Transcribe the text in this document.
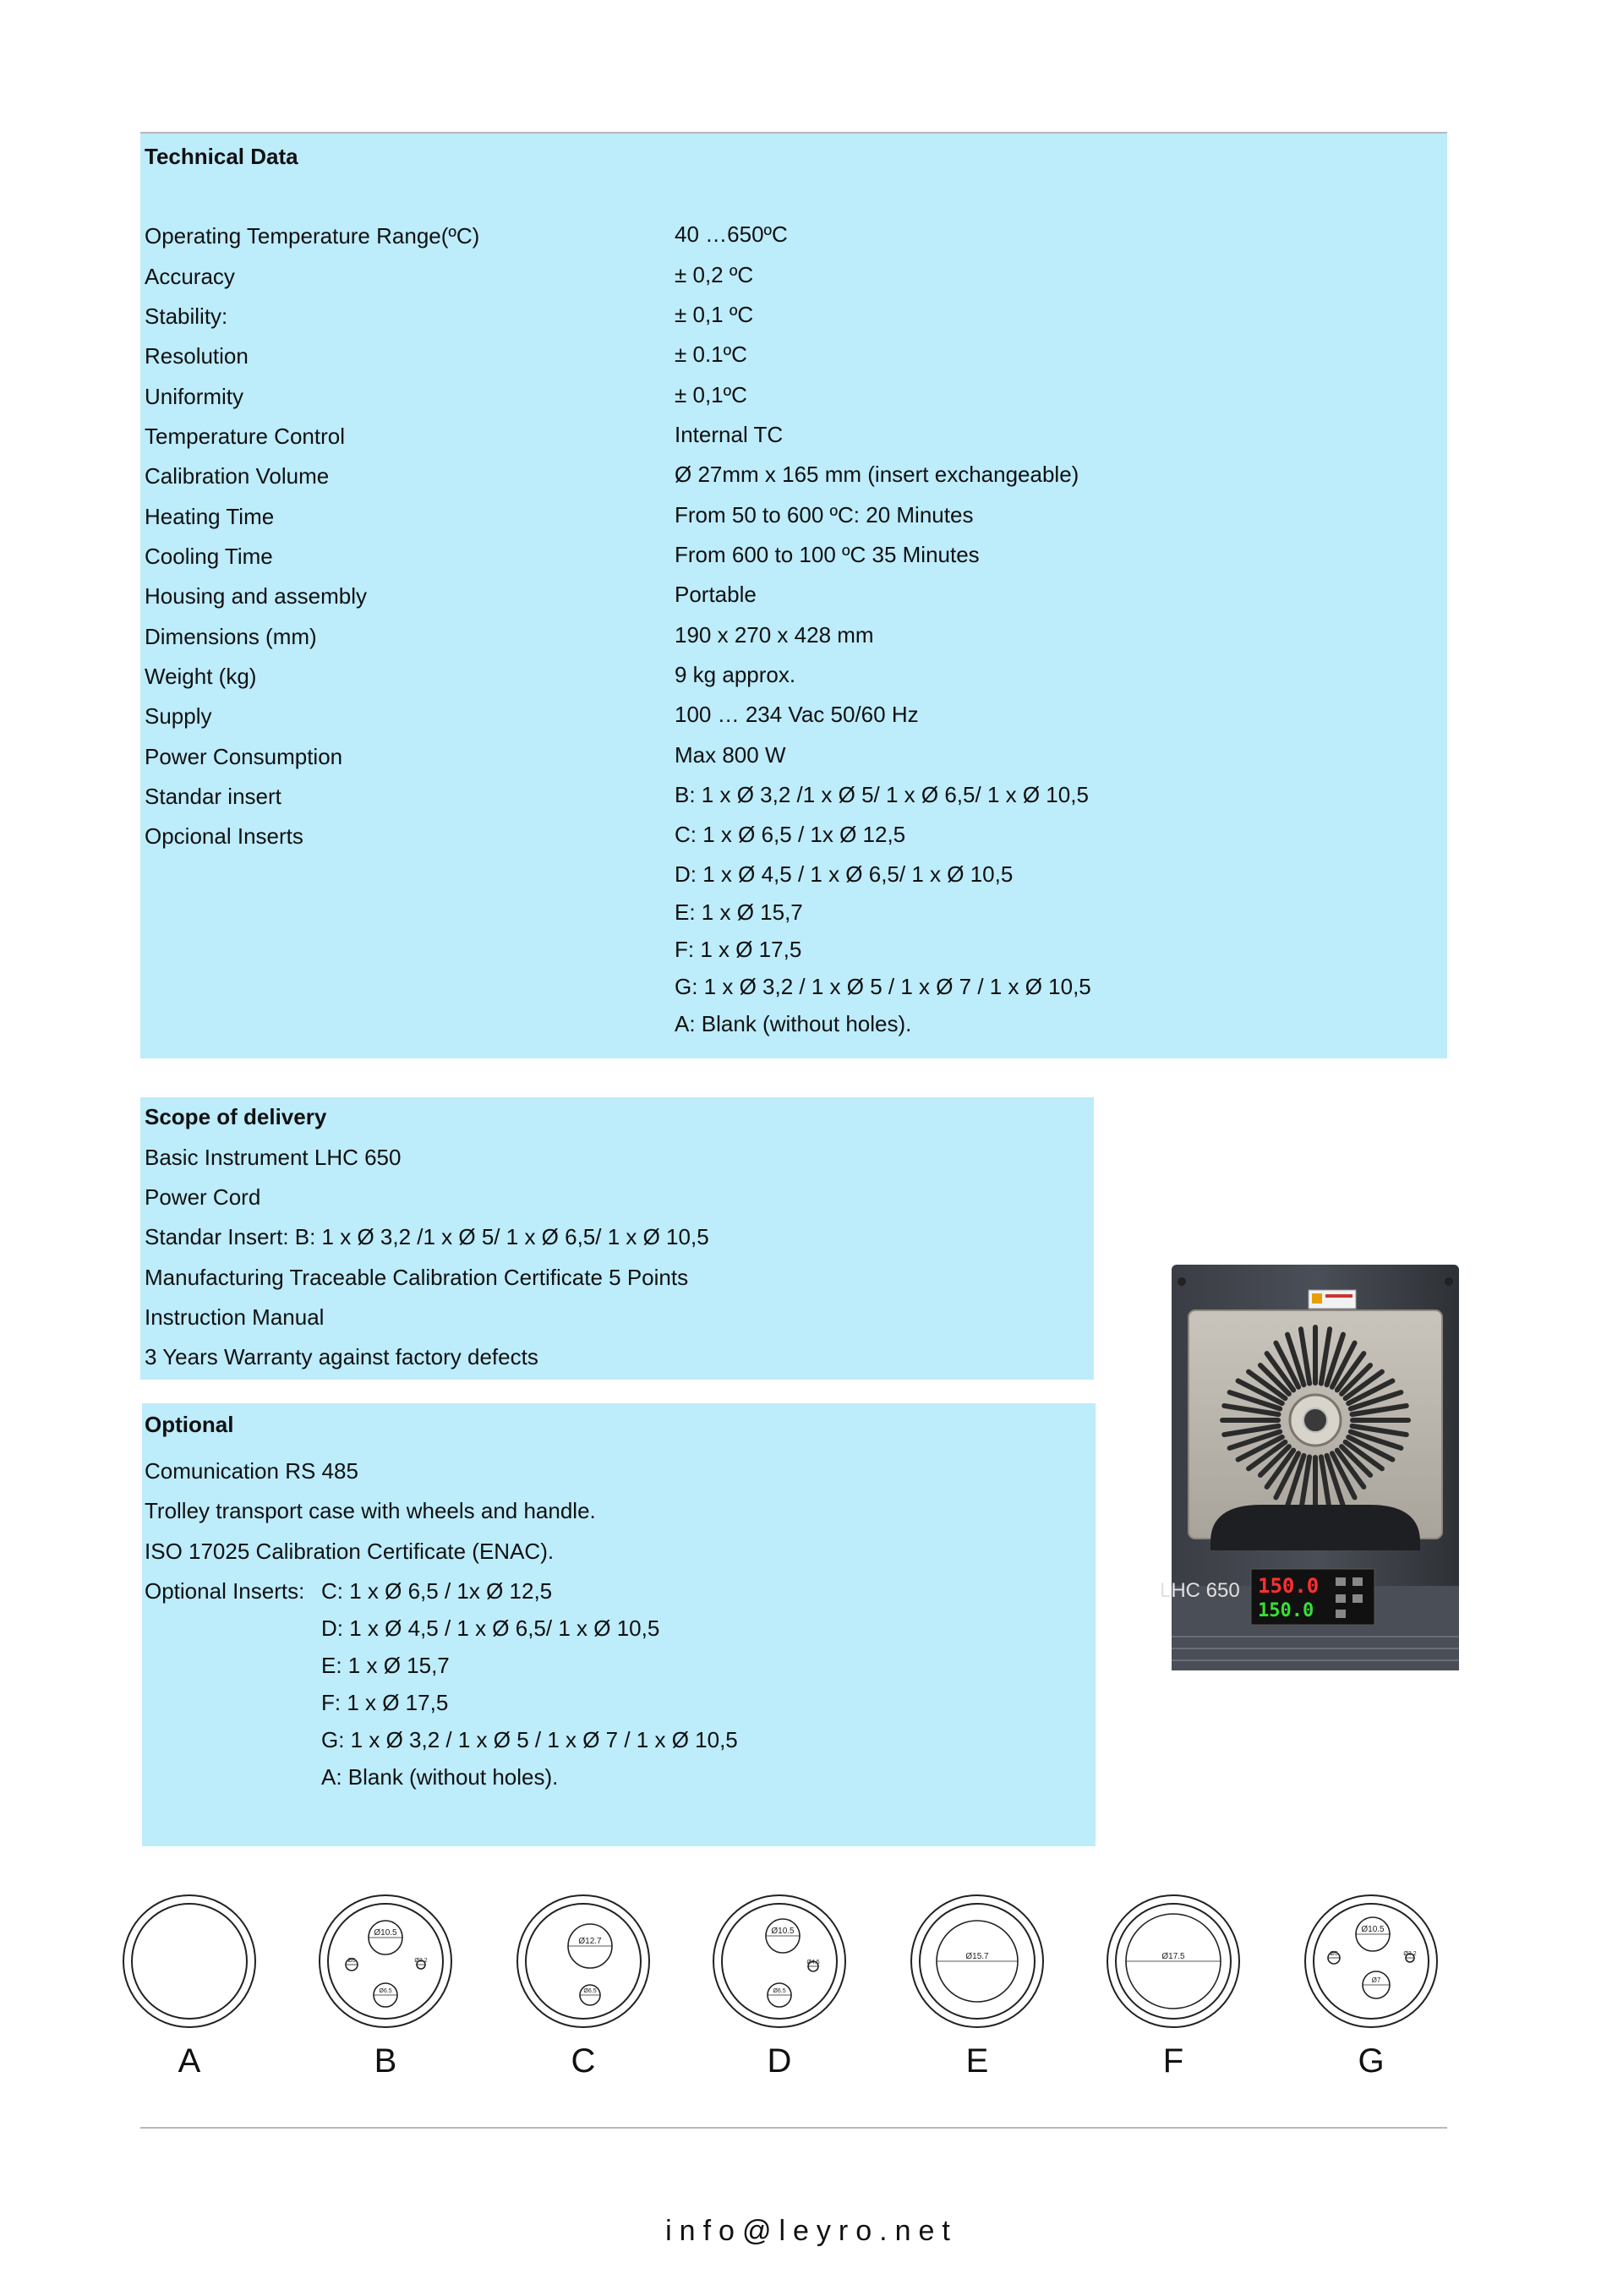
Technical Data
Operating Temperature Range(ºC)	40 …650ºC
Accuracy	± 0,2 ºC
Stability:	± 0,1 ºC
Resolution	± 0.1ºC
Uniformity	± 0,1ºC
Temperature Control	Internal TC
Calibration Volume	Ø 27mm x 165 mm (insert exchangeable)
Heating Time	From 50 to 600 ºC: 20 Minutes
Cooling Time	From 600 to 100 ºC 35 Minutes
Housing and assembly	Portable
Dimensions (mm)	190 x 270 x 428 mm
Weight (kg)	9 kg approx.
Supply	100 … 234 Vac 50/60 Hz
Power Consumption	Max 800 W
Standar insert	B: 1 x Ø 3,2 /1 x Ø 5/ 1 x Ø 6,5/ 1 x Ø 10,5
Opcional Inserts	C: 1 x Ø 6,5 / 1x Ø 12,5
D: 1 x Ø 4,5 / 1 x Ø 6,5/ 1 x Ø 10,5
E: 1 x Ø 15,7
F: 1 x Ø 17,5
G: 1 x Ø 3,2 / 1 x Ø 5 / 1 x Ø 7 / 1 x Ø 10,5
A: Blank (without holes).
Scope of delivery
Basic Instrument LHC 650
Power Cord
Standar Insert: B: 1 x Ø 3,2 /1 x Ø 5/ 1 x Ø 6,5/ 1 x Ø 10,5
Manufacturing Traceable Calibration Certificate 5 Points
Instruction Manual
3 Years Warranty against factory defects
Optional
Comunication RS 485
Trolley transport case with wheels and handle.
ISO 17025 Calibration Certificate (ENAC).
Optional Inserts: C: 1 x Ø 6,5 / 1x Ø 12,5
D: 1 x Ø 4,5 / 1 x Ø 6,5/ 1 x Ø 10,5
E: 1 x Ø 15,7
F: 1 x Ø 17,5
G: 1 x Ø 3,2 / 1 x Ø 5 / 1 x Ø 7 / 1 x Ø 10,5
A: Blank (without holes).
LHC 650 150.0
150.0
Ø10.5
Ø5	Ø3.2
Ø6.5
Ø12.7
Ø6.5
Ø10.5
Ø4.5
Ø6.5
Ø15.7	Ø17.5
Ø10.5
Ø5	Ø3.2
Ø7
A	B	C	D	E	F	G
info@leyro.net
